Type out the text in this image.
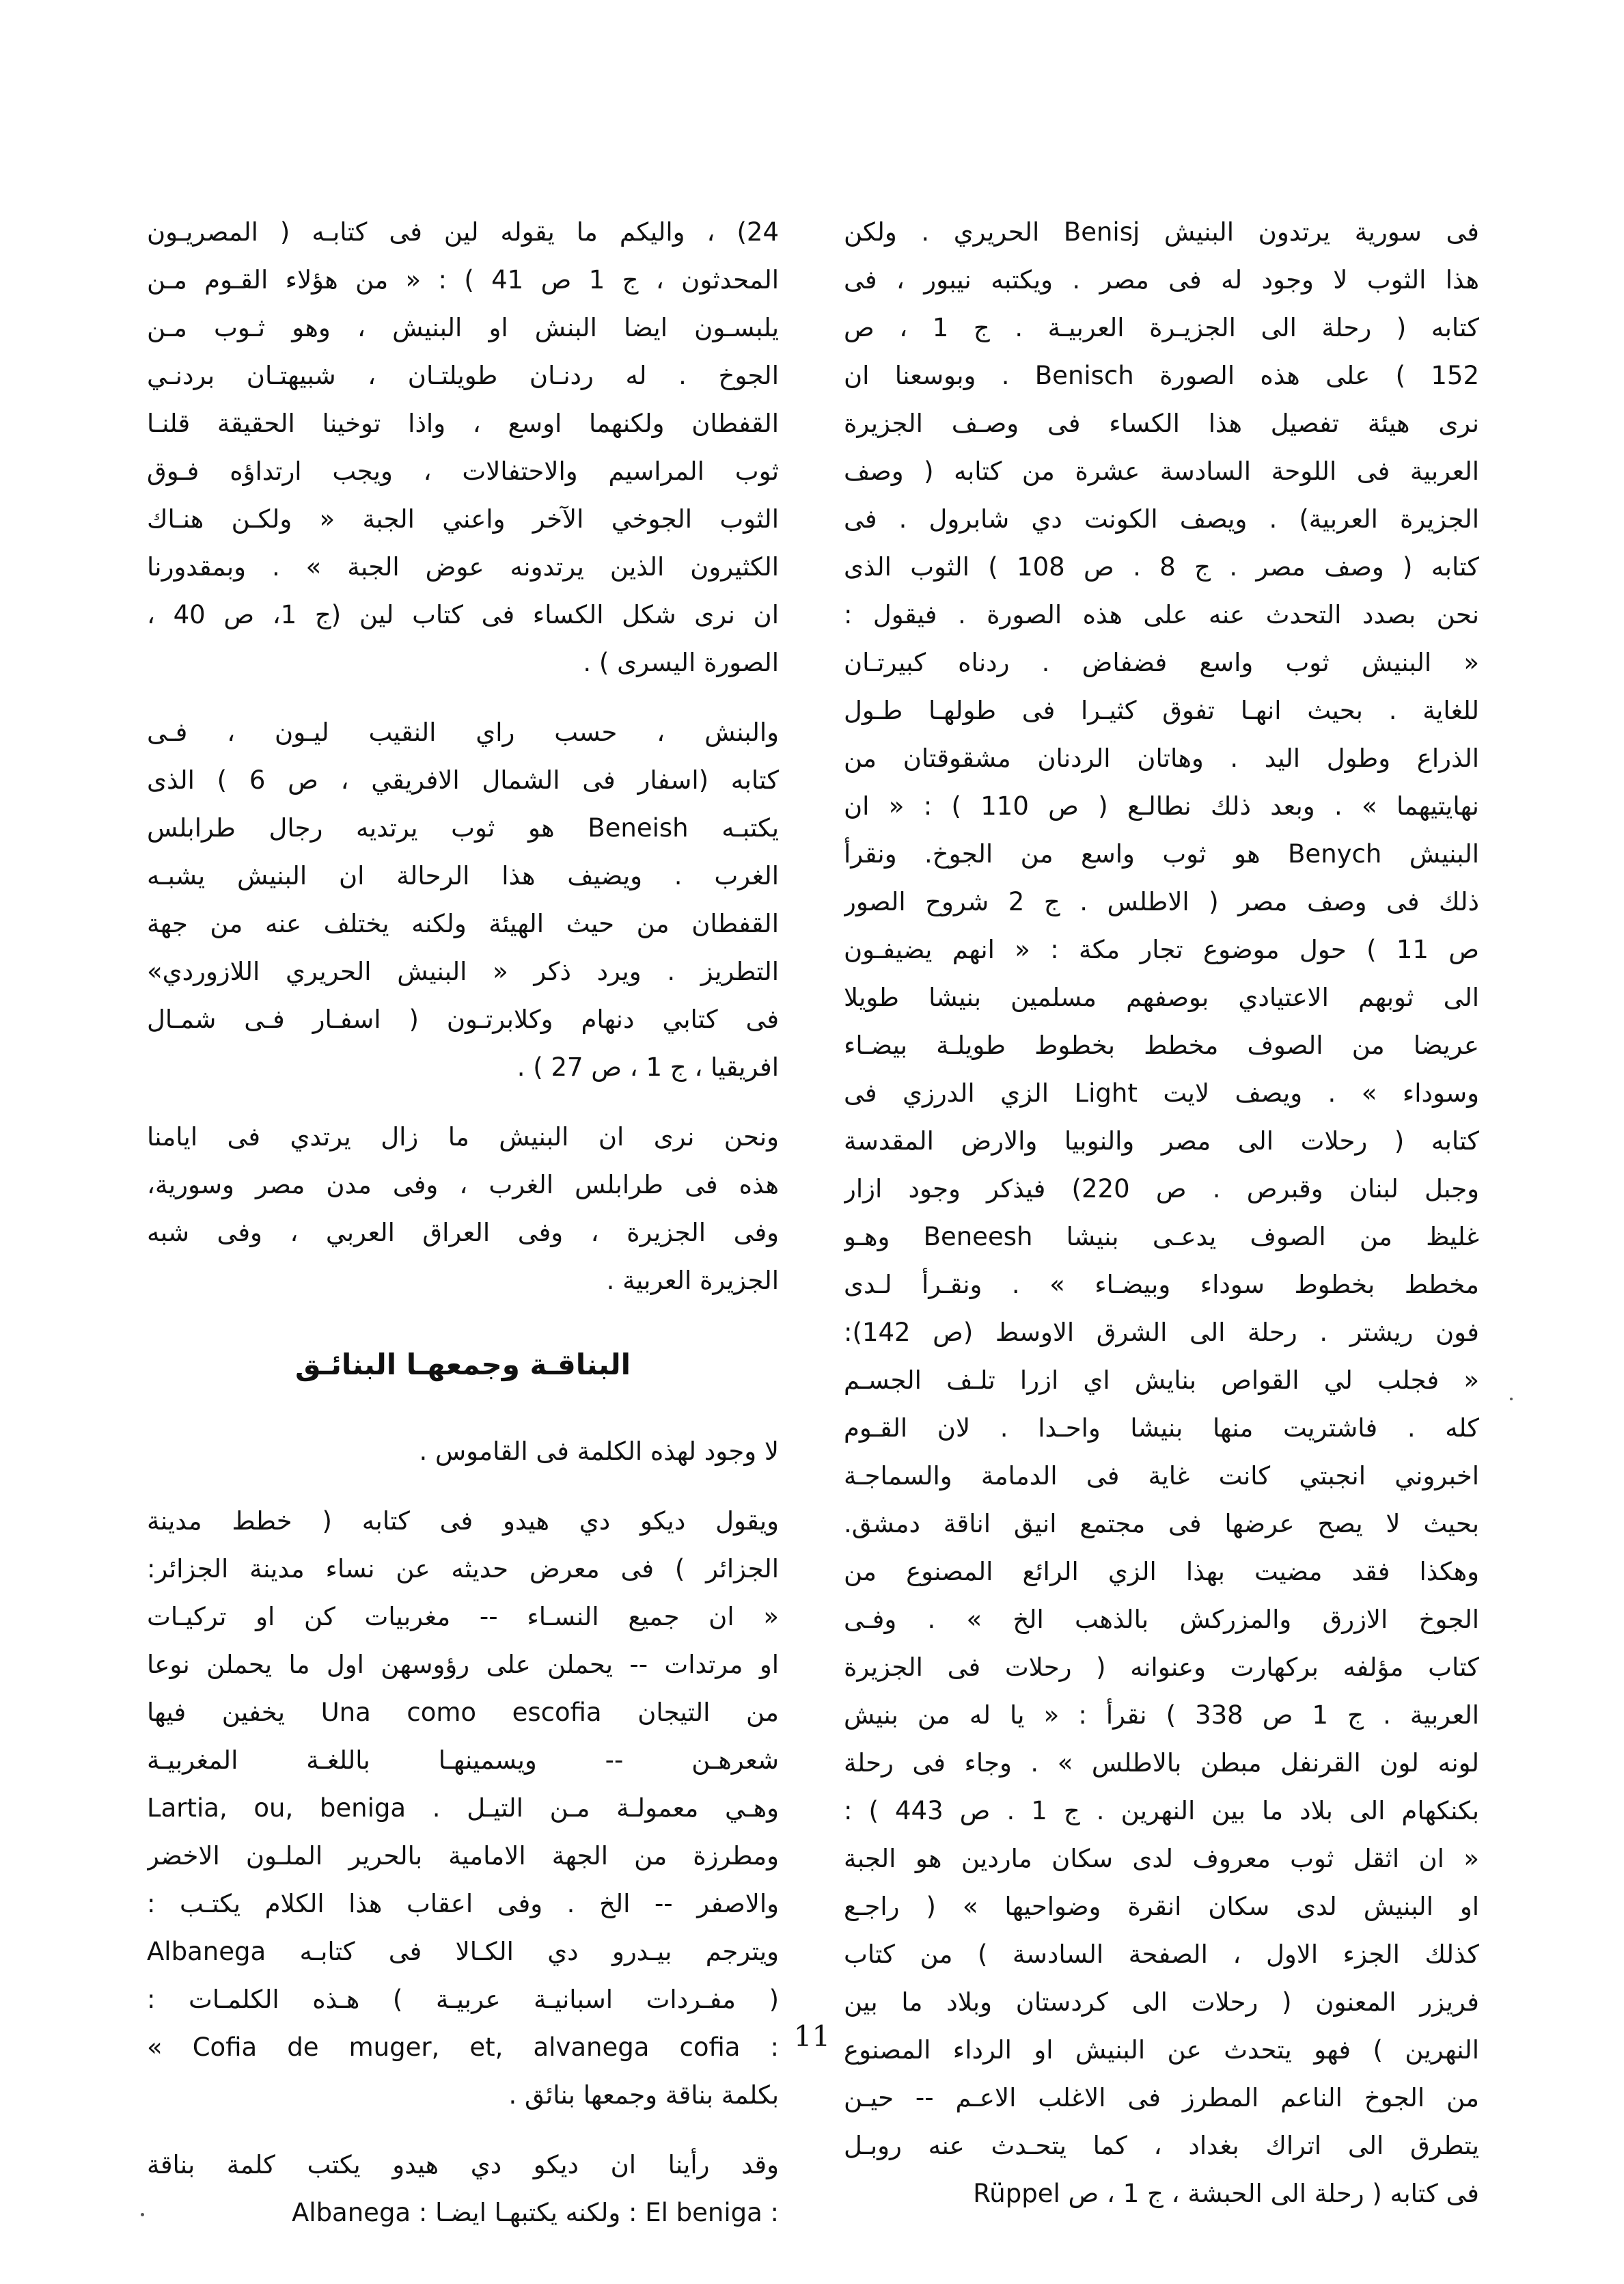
فى سورية يرتدون البنيش Benisj الحريري . ولكن
هذا الثوب لا وجود له فى مصر . ويكتبه نيبور ، فى
كتابه ( رحلة الى الجزيـرة العربيـة . ج 1 ، ص
152 ) على هذه الصورة Benisch . وبوسعنا ان
نرى هيئة تفصيل هذا الكساء فى وصـف الجزيرة
العربية فى اللوحة السادسة عشرة من كتابه ( وصف
الجزيرة العربية) . ويصف الكونت دي شابرول . فى
كتابه ( وصف مصر . ج 8 . ص 108 ) الثوب الذى
نحن بصدد التحدث عنه على هذه الصورة . فيقول :
« البنيش ثوب واسع فضفاض . ردناه كبيرتـان
للغاية . بحيث انهـا تفوق كثيـرا فى طولهـا طـول
الذراع وطول اليد . وهاتان الردنان مشقوقتان من
نهايتيهما » . وبعد ذلك نطالـع ( ص 110 ) : « ان
البنيش Benych هو ثوب واسع من الجوخ. ونقرأ
ذلك فى وصف مصر ( الاطلس . ج 2 شروح الصور
ص 11 ) حول موضوع تجار مكة : « انهم يضيفـون
الى ثوبهم الاعتيادي بوصفهم مسلمين بنيشا طويلا
عريضا من الصوف مخطط بخطوط طويلـة بيضـاء
وسوداء » . ويصف لايت Light الزي الدرزي فى
كتابه ( رحلات الى مصر والنوبيا والارض المقدسة
وجبل لبنان وقبرص . ص 220) فيذكر وجود ازار
غليظ من الصوف يدعـى بنيشا Beneesh وهـو
مخطط بخطوط سوداء وبيضـاء » . ونقـرأ لـدى
فون ريشتر . رحلة الى الشرق الاوسط (ص 142):
« فجلب لي القواص بنايش اي ازرا تلـف الجسـم
كله . فاشتريت منها بنيشا واحـدا . لان القـوم
اخبروني انجبتي كانت غاية فى الدمامة والسماجـة
بحيث لا يصح عرضها فى مجتمع انيق اناقة دمشق.
وهكذا فقد مضيت بهذا الزي الرائع المصنوع من
الجوخ الازرق والمزركش بالذهب الخ » . وفـى
كتاب مؤلفه بركهارت وعنوانه ( رحلات فى الجزيرة
العربية . ج 1 ص 338 ) نقرأ : « يا له من بنيش
لونه لون القرنفل مبطن بالاطلس » . وجاء فى رحلة
بكنكهام الى بلاد ما بين النهرين . ج 1 . ص 443 ) :
« ان اثقل ثوب معروف لدى سكان ماردين هو الجبة
او البنيش لدى سكان انقرة وضواحيها » ( راجـع
كذلك الجزء الاول ، الصفحة السادسة ) من كتاب
فريزر المعنون ( رحلات الى كردستان وبلاد ما بين
النهرين ) فهو يتحدث عن البنيش او الرداء المصنوع
من الجوخ الناعم المطرز فى الاغلب الاعـم -- حيـن
يتطرق الى اتراك بغداد ، كما يتحـدث عنه روبـل
Rüppel فى كتابه ( رحلة الى الحبشة ، ج 1 ، ص
24) ، واليكم ما يقوله لين فى كتابـه ( المصريـون
المحدثون ، ج 1 ص 41 ) : « من هؤلاء القـوم مـن
يلبسـون ايضا البنش او البنيش ، وهو ثـوب مـن
الجوخ . له ردنـان طويلتـان ، شبيهتـان بردنـي
القفطان ولكنهما اوسع ، واذا توخينا الحقيقة قلنـا
ثوب المراسيم والاحتفالات ، ويجب ارتداؤه فـوق
الثوب الجوخي الآخر واعني الجبة « ولكـن هنـاك
الكثيرون الذين يرتدونه عوض الجبة » . وبمقدورنا
ان نرى شكل الكساء فى كتاب لين (ج 1، ص 40 ،
الصورة اليسرى ) .
والبنش ، حسب راي النقيب ليـون ، فـى
كتابه (اسفار فى الشمال الافريقي ، ص 6 ) الذى
يكتبـه Beneish هو ثوب يرتديه رجال طرابلس
الغرب . ويضيف هذا الرحالة ان البنيش يشبـه
القفطان من حيث الهيئة ولكنه يختلف عنه من جهة
التطريز . ويرد ذكر « البنيش الحريري اللازوردي»
فى كتابي دنهام وكلابرتـون ( اسفـار فـى شمـال
افريقيا ، ج 1 ، ص 27 ) .
ونحن نرى ان البنيش ما زال يرتدي فى ايامنا
هذه فى طرابلس الغرب ، وفى مدن مصر وسورية،
وفى الجزيرة ، وفى العراق العربي ، وفى شبه
الجزيرة العربية .
البناقـة وجمعهـا البنائـق
لا وجود لهذه الكلمة فى القاموس .
ويقول ديكو دي هيدو فى كتابه ( خطط مدينة
الجزائر ) فى معرض حديثه عن نساء مدينة الجزائر:
« ان جميع النسـاء -- مغربيات كن او تركيـات
او مرتدات -- يحملن على رؤوسهن اول ما يحملن نوعا
من التيجان Una como escofia يخفين فيها
شعرهـن -- ويسمينهـا باللغـة المغربيـة
Lartia, ou, beniga . وهـي معمولـة مـن التيـل
ومطرزة من الجهة الامامية بالحرير الملـون الاخضر
والاصفر -- الخ . وفى اعقاب هذا الكلام يكتـب :
Albanega ويترجم بيـدرو دي الكـالا فى كتابـه
( مفـردات اسبانيـة عربيـة ) هـذه الكلمـات :
« Cofia de muger, et, alvanega cofia :
بكلمة بناقة وجمعها بنائق .
وقد رأينا ان ديكو دي هيدو يكتب كلمة بناقة
Albanega : ولكنه يكتبهـا ايضـا : El beniga :
11
